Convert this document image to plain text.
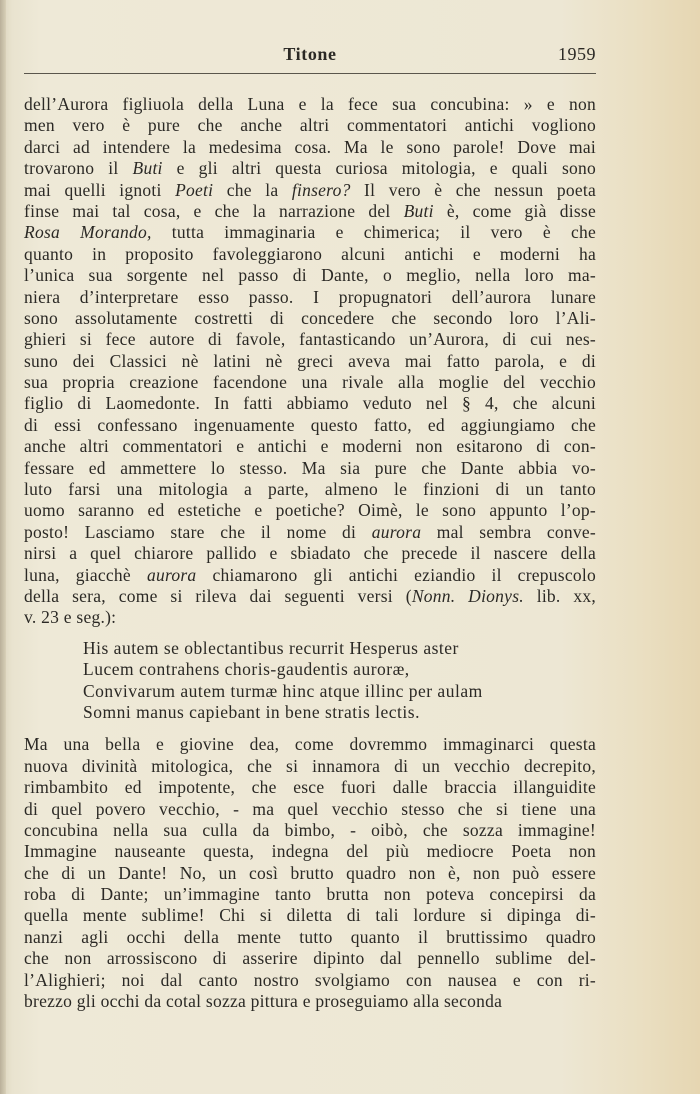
Titone	1959
dell’Aurora figliuola della Luna e la fece sua concubina: » e non
men vero è pure che anche altri commentatori antichi vogliono
darci ad intendere la medesima cosa. Ma le sono parole! Dove mai
trovarono il Buti e gli altri questa curiosa mitologia, e quali sono
mai quelli ignoti Poeti che la finsero? Il vero è che nessun poeta
finse mai tal cosa, e che la narrazione del Buti è, come già disse
Rosa Morando, tutta immaginaria e chimerica; il vero è che
quanto in proposito favoleggiarono alcuni antichi e moderni ha
l’unica sua sorgente nel passo di Dante, o meglio, nella loro ma-
niera d’interpretare esso passo. I propugnatori dell’aurora lunare
sono assolutamente costretti di concedere che secondo loro l’Ali-
ghieri si fece autore di favole, fantasticando un’Aurora, di cui nes-
suno dei Classici nè latini nè greci aveva mai fatto parola, e di
sua propria creazione facendone una rivale alla moglie del vecchio
figlio di Laomedonte. In fatti abbiamo veduto nel § 4, che alcuni
di essi confessano ingenuamente questo fatto, ed aggiungiamo che
anche altri commentatori e antichi e moderni non esitarono di con-
fessare ed ammettere lo stesso. Ma sia pure che Dante abbia vo-
luto farsi una mitologia a parte, almeno le finzioni di un tanto
uomo saranno ed estetiche e poetiche? Oimè, le sono appunto l’op-
posto! Lasciamo stare che il nome di aurora mal sembra conve-
nirsi a quel chiarore pallido e sbiadato che precede il nascere della
luna, giacchè aurora chiamarono gli antichi eziandio il crepuscolo
della sera, come si rileva dai seguenti versi (Nonn. Dionys. lib. xx,
v. 23 e seg.):
His autem se oblectantibus recurrit Hesperus aster
Lucem contrahens choris-gaudentis auroræ,
Convivarum autem turmæ hinc atque illinc per aulam
Somni manus capiebant in bene stratis lectis.
Ma una bella e giovine dea, come dovremmo immaginarci questa
nuova divinità mitologica, che si innamora di un vecchio decrepito,
rimbambito ed impotente, che esce fuori dalle braccia illanguidite
di quel povero vecchio, - ma quel vecchio stesso che si tiene una
concubina nella sua culla da bimbo, - oibò, che sozza immagine!
Immagine nauseante questa, indegna del più mediocre Poeta non
che di un Dante! No, un così brutto quadro non è, non può essere
roba di Dante; un’immagine tanto brutta non poteva concepirsi da
quella mente sublime! Chi si diletta di tali lordure si dipinga di-
nanzi agli occhi della mente tutto quanto il bruttissimo quadro
che non arrossiscono di asserire dipinto dal pennello sublime del-
l’Alighieri; noi dal canto nostro svolgiamo con nausea e con ri-
brezzo gli occhi da cotal sozza pittura e proseguiamo alla seconda
